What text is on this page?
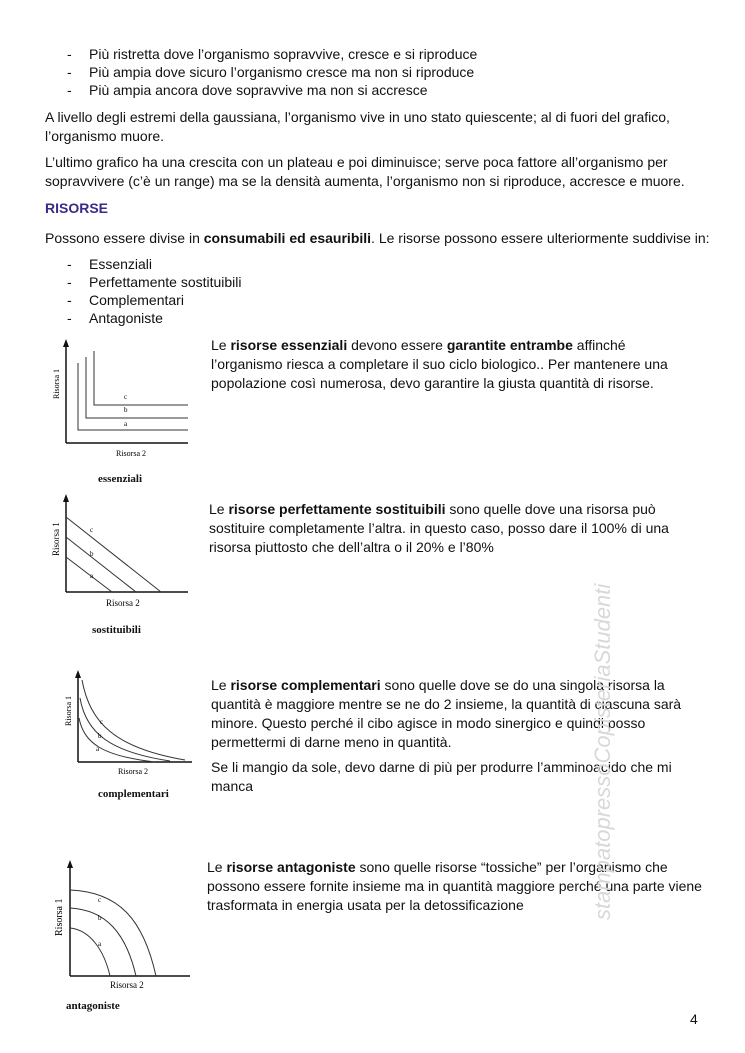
- Più ristretta dove l’organismo sopravvive, cresce e si riproduce
- Più ampia dove sicuro l’organismo cresce ma non si riproduce
- Più ampia ancora dove sopravvive ma non si accresce

A livello degli estremi della gaussiana, l’organismo vive in uno stato quiescente; al di fuori del grafico, l’organismo muore.

L’ultimo grafico ha una crescita con un plateau e poi diminuisce; serve poca fattore all’organismo per sopravvivere (c’è un range) ma se la densità aumenta, l’organismo non si riproduce, accresce e muore.

RISORSE

Possono essere divise in consumabili ed esauribili. Le risorse possono essere ulteriormente suddivise in:

- Essenziali
- Perfettamente sostituibili
- Complementari
- Antagoniste
c
b
a
Risorsa 1
Risorsa 2
essenziali

Le risorse essenziali devono essere garantite entrambe affinché l’organismo riesca a completare il suo ciclo biologico.. Per mantenere una popolazione così numerosa, devo garantire la giusta quantità di risorse.

c
b
a
Risorsa 1
Risorsa 2
sostituibili

Le risorse perfettamente sostituibili sono quelle dove una risorsa può sostituire completamente l’altra. in questo caso, posso dare il 100% di una risorsa piuttosto che dell’altra o il 20% e l’80%

c
b
a
Risorsa 1
Risorsa 2
complementari

Le risorse complementari sono quelle dove se do una singola risorsa la quantità è maggiore mentre se ne do 2 insieme, la quantità di ciascuna sarà minore. Questo perché il cibo agisce in modo sinergico e quindi posso permettermi di darne meno in quantità.

Se li mangio da sole, devo darne di più per produrre l’amminoacido che mi manca

c
b
a
Risorsa 1
Risorsa 2
antagoniste

Le risorse antagoniste sono quelle risorse “tossiche” per l’organismo che possono essere fornite insieme ma in quantità maggiore perché una parte viene trasformata in energia usata per la detossificazione	stampatopressoCopisteriaStudenti
4
